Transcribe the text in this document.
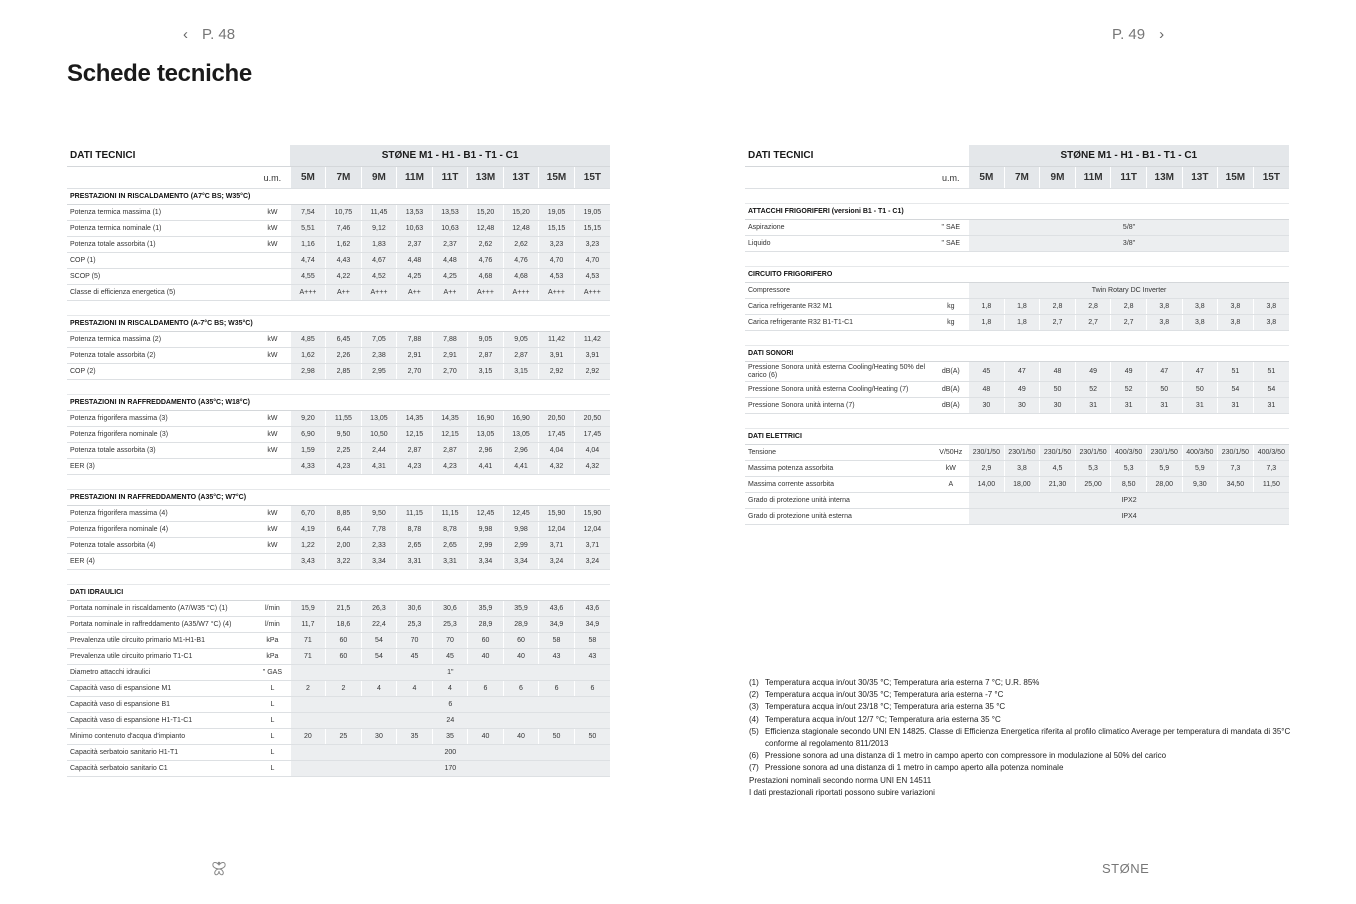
‹ P. 48	P. 49 ›
Schede tecniche
DATI TECNICI		STØNE M1 - H1 - B1 - T1 - C1								
	u.m.	5M	7M	9M	11M	11T	13M	13T	15M	15T
PRESTAZIONI IN RISCALDAMENTO (A7°C BS; W35°C)										
Potenza termica massima (1)	kW	7,54	10,75	11,45	13,53	13,53	15,20	15,20	19,05	19,05
Potenza termica nominale (1)	kW	5,51	7,46	9,12	10,63	10,63	12,48	12,48	15,15	15,15
Potenza totale assorbita (1)	kW	1,16	1,62	1,83	2,37	2,37	2,62	2,62	3,23	3,23
COP (1)		4,74	4,43	4,67	4,48	4,48	4,76	4,76	4,70	4,70
SCOP (5)		4,55	4,22	4,52	4,25	4,25	4,68	4,68	4,53	4,53
Classe di efficienza energetica (5)		A+++	A++	A+++	A++	A++	A+++	A+++	A+++	A+++

PRESTAZIONI IN RISCALDAMENTO (A-7°C BS; W35°C)										
Potenza termica massima (2)	kW	4,85	6,45	7,05	7,88	7,88	9,05	9,05	11,42	11,42
Potenza totale assorbita (2)	kW	1,62	2,26	2,38	2,91	2,91	2,87	2,87	3,91	3,91
COP (2)		2,98	2,85	2,95	2,70	2,70	3,15	3,15	2,92	2,92

PRESTAZIONI IN RAFFREDDAMENTO (A35°C; W18°C)										
Potenza frigorifera massima (3)	kW	9,20	11,55	13,05	14,35	14,35	16,90	16,90	20,50	20,50
Potenza frigorifera nominale (3)	kW	6,90	9,50	10,50	12,15	12,15	13,05	13,05	17,45	17,45
Potenza totale assorbita (3)	kW	1,59	2,25	2,44	2,87	2,87	2,96	2,96	4,04	4,04
EER (3)		4,33	4,23	4,31	4,23	4,23	4,41	4,41	4,32	4,32

PRESTAZIONI IN RAFFREDDAMENTO (A35°C; W7°C)										
Potenza frigorifera massima (4)	kW	6,70	8,85	9,50	11,15	11,15	12,45	12,45	15,90	15,90
Potenza frigorifera nominale (4)	kW	4,19	6,44	7,78	8,78	8,78	9,98	9,98	12,04	12,04
Potenza totale assorbita (4)	kW	1,22	2,00	2,33	2,65	2,65	2,99	2,99	3,71	3,71
EER (4)		3,43	3,22	3,34	3,31	3,31	3,34	3,34	3,24	3,24

DATI IDRAULICI										
Portata nominale in riscaldamento (A7/W35 °C) (1)	l/min	15,9	21,5	26,3	30,6	30,6	35,9	35,9	43,6	43,6
Portata nominale in raffreddamento (A35/W7 °C) (4)	l/min	11,7	18,6	22,4	25,3	25,3	28,9	28,9	34,9	34,9
Prevalenza utile circuito primario M1-H1-B1	kPa	71	60	54	70	70	60	60	58	58
Prevalenza utile circuito primario T1-C1	kPa	71	60	54	45	45	40	40	43	43
Diametro attacchi idraulici	" GAS	1"								
Capacità vaso di espansione M1	L	2	2	4	4	4	6	6	6	6
Capacità vaso di espansione B1	L	6								
Capacità vaso di espansione H1-T1-C1	L	24								
Minimo contenuto d'acqua d'impianto	L	20	25	30	35	35	40	40	50	50
Capacità serbatoio sanitario H1-T1	L	200								
Capacità serbatoio sanitario C1	L	170								
DATI TECNICI		STØNE M1 - H1 - B1 - T1 - C1								
	u.m.	5M	7M	9M	11M	11T	13M	13T	15M	15T

ATTACCHI FRIGORIFERI (versioni B1 - T1 - C1)										
Aspirazione	" SAE	5/8"								
Liquido	" SAE	3/8"								

CIRCUITO FRIGORIFERO										
Compressore		Twin Rotary DC Inverter								
Carica refrigerante R32 M1	kg	1,8	1,8	2,8	2,8	2,8	3,8	3,8	3,8	3,8
Carica refrigerante R32 B1-T1-C1	kg	1,8	1,8	2,7	2,7	2,7	3,8	3,8	3,8	3,8

DATI SONORI										
Pressione Sonora unità esterna Cooling/Heating 50% del carico (6)	dB(A)	45	47	48	49	49	47	47	51	51
Pressione Sonora unità esterna Cooling/Heating (7)	dB(A)	48	49	50	52	52	50	50	54	54
Pressione Sonora unità interna (7)	dB(A)	30	30	30	31	31	31	31	31	31

DATI ELETTRICI										
Tensione	V/50Hz	230/1/50	230/1/50	230/1/50	230/1/50	400/3/50	230/1/50	400/3/50	230/1/50	400/3/50
Massima potenza assorbita	kW	2,9	3,8	4,5	5,3	5,3	5,9	5,9	7,3	7,3
Massima corrente assorbita	A	14,00	18,00	21,30	25,00	8,50	28,00	9,30	34,50	11,50
Grado di protezione unità interna		IPX2								
Grado di protezione unità esterna		IPX4								
(1) Temperatura acqua in/out 30/35 °C; Temperatura aria esterna 7 °C; U.R. 85%
(2) Temperatura acqua in/out 30/35 °C; Temperatura aria esterna -7 °C
(3) Temperatura acqua in/out 23/18 °C; Temperatura aria esterna 35 °C
(4) Temperatura acqua in/out 12/7 °C; Temperatura aria esterna 35 °C
(5) Efficienza stagionale secondo UNI EN 14825. Classe di Efficienza Energetica riferita al profilo climatico Average per temperatura di mandata di 35°C conforme al regolamento 811/2013
(6) Pressione sonora ad una distanza di 1 metro in campo aperto con compressore in modulazione al 50% del carico
(7) Pressione sonora ad una distanza di 1 metro in campo aperto alla potenza nominale
Prestazioni nominali secondo norma UNI EN 14511
I dati prestazionali riportati possono subire variazioni
STØNE
